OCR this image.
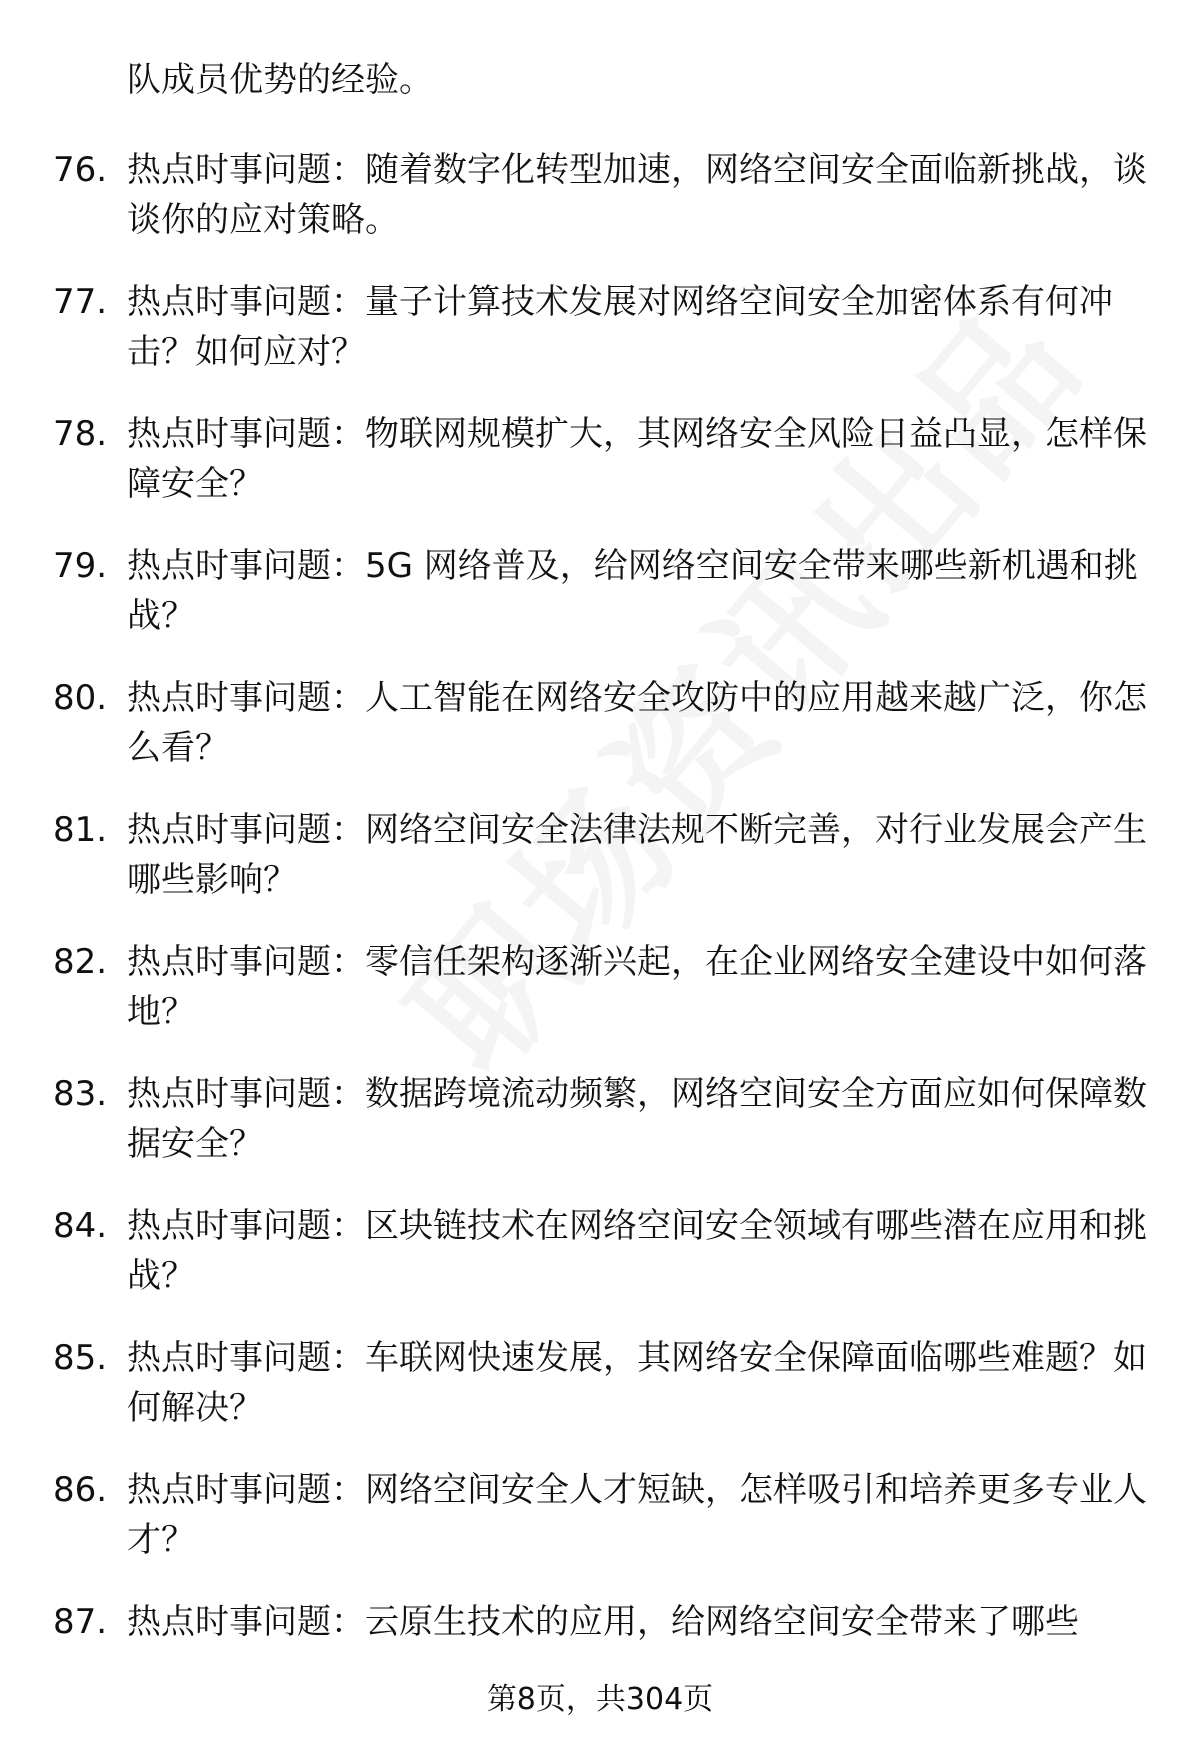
队成员优势的经验。
76. 热点时事问题：随着数字化转型加速，网络空间安全面临新挑战，谈谈你的应对策略。
77. 热点时事问题：量子计算技术发展对网络空间安全加密体系有何冲击？如何应对？
78. 热点时事问题：物联网规模扩大，其网络安全风险日益凸显，怎样保障安全？
79. 热点时事问题：5G 网络普及，给网络空间安全带来哪些新机遇和挑战？
80. 热点时事问题：人工智能在网络安全攻防中的应用越来越广泛，你怎么看？
81. 热点时事问题：网络空间安全法律法规不断完善，对行业发展会产生哪些影响？
82. 热点时事问题：零信任架构逐渐兴起，在企业网络安全建设中如何落地？
83. 热点时事问题：数据跨境流动频繁，网络空间安全方面应如何保障数据安全？
84. 热点时事问题：区块链技术在网络空间安全领域有哪些潜在应用和挑战？
85. 热点时事问题：车联网快速发展，其网络安全保障面临哪些难题？如何解决？
86. 热点时事问题：网络空间安全人才短缺，怎样吸引和培养更多专业人才？
87. 热点时事问题：云原生技术的应用，给网络空间安全带来了哪些
第8页，共304页
